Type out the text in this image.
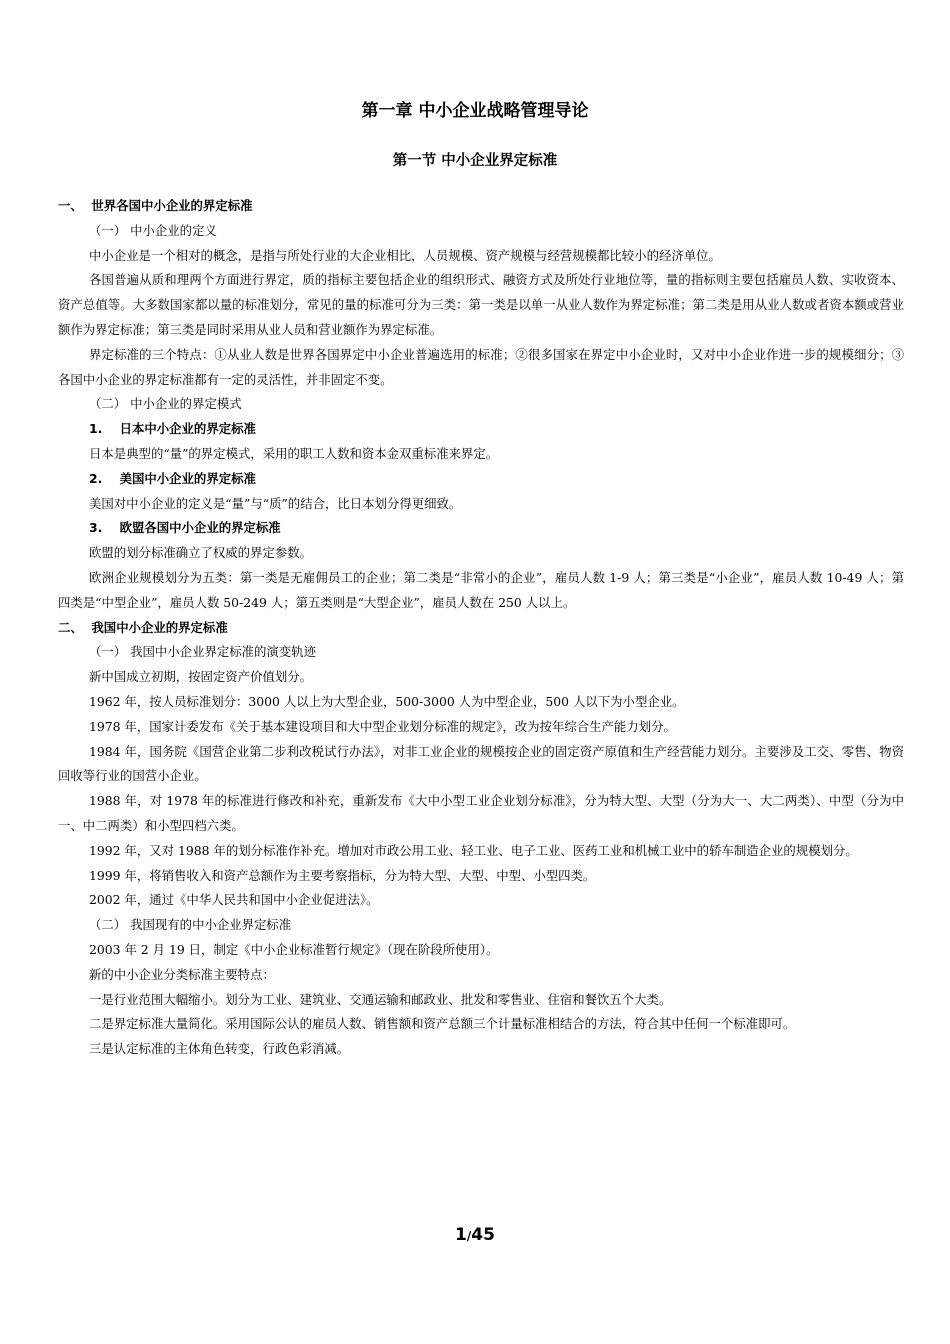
第一章 中小企业战略管理导论
第一节 中小企业界定标准
一、  世界各国中小企业的界定标准
（一） 中小企业的定义
中小企业是一个相对的概念，是指与所处行业的大企业相比，人员规模、资产规模与经营规模都比较小的经济单位。
各国普遍从质和理两个方面进行界定，质的指标主要包括企业的组织形式、融资方式及所处行业地位等，量的指标则主要包括雇员人数、实收资本、资产总值等。大多数国家都以量的标准划分，常见的量的标准可分为三类：第一类是以单一从业人数作为界定标准；第二类是用从业人数或者资本额或营业额作为界定标准；第三类是同时采用从业人员和营业额作为界定标准。
界定标准的三个特点：①从业人数是世界各国界定中小企业普遍选用的标准；②很多国家在界定中小企业时，又对中小企业作进一步的规模细分；③各国中小企业的界定标准都有一定的灵活性，并非固定不变。
（二） 中小企业的界定模式
1.    日本中小企业的界定标准
日本是典型的“量”的界定模式，采用的职工人数和资本金双重标准来界定。
2.    美国中小企业的界定标准
美国对中小企业的定义是“量”与“质”的结合，比日本划分得更细致。
3.    欧盟各国中小企业的界定标准
欧盟的划分标准确立了权威的界定参数。
欧洲企业规模划分为五类：第一类是无雇佣员工的企业；第二类是“非常小的企业”，雇员人数 1-9 人；第三类是“小企业”，雇员人数 10-49 人；第四类是“中型企业”，雇员人数 50-249 人；第五类则是“大型企业”，雇员人数在 250 人以上。
二、  我国中小企业的界定标准
（一） 我国中小企业界定标准的演变轨迹
新中国成立初期，按固定资产价值划分。
1962 年，按人员标准划分：3000 人以上为大型企业，500-3000 人为中型企业，500 人以下为小型企业。
1978 年，国家计委发布《关于基本建设项目和大中型企业划分标准的规定》，改为按年综合生产能力划分。
1984 年，国务院《国营企业第二步利改税试行办法》，对非工业企业的规模按企业的固定资产原值和生产经营能力划分。主要涉及工交、零售、物资回收等行业的国营小企业。
1988 年，对 1978 年的标准进行修改和补充，重新发布《大中小型工业企业划分标准》，分为特大型、大型（分为大一、大二两类）、中型（分为中一、中二两类）和小型四档六类。
1992 年，又对 1988 年的划分标准作补充。增加对市政公用工业、轻工业、电子工业、医药工业和机械工业中的轿车制造企业的规模划分。
1999 年，将销售收入和资产总额作为主要考察指标，分为特大型、大型、中型、小型四类。
2002 年，通过《中华人民共和国中小企业促进法》。
（二） 我国现有的中小企业界定标准
2003 年 2 月 19 日，制定《中小企业标准暂行规定》（现在阶段所使用）。
新的中小企业分类标准主要特点：
一是行业范围大幅缩小。划分为工业、建筑业、交通运输和邮政业、批发和零售业、住宿和餐饮五个大类。
二是界定标准大量简化。采用国际公认的雇员人数、销售额和资产总额三个计量标准相结合的方法，符合其中任何一个标准即可。
三是认定标准的主体角色转变，行政色彩消减。
1/45
